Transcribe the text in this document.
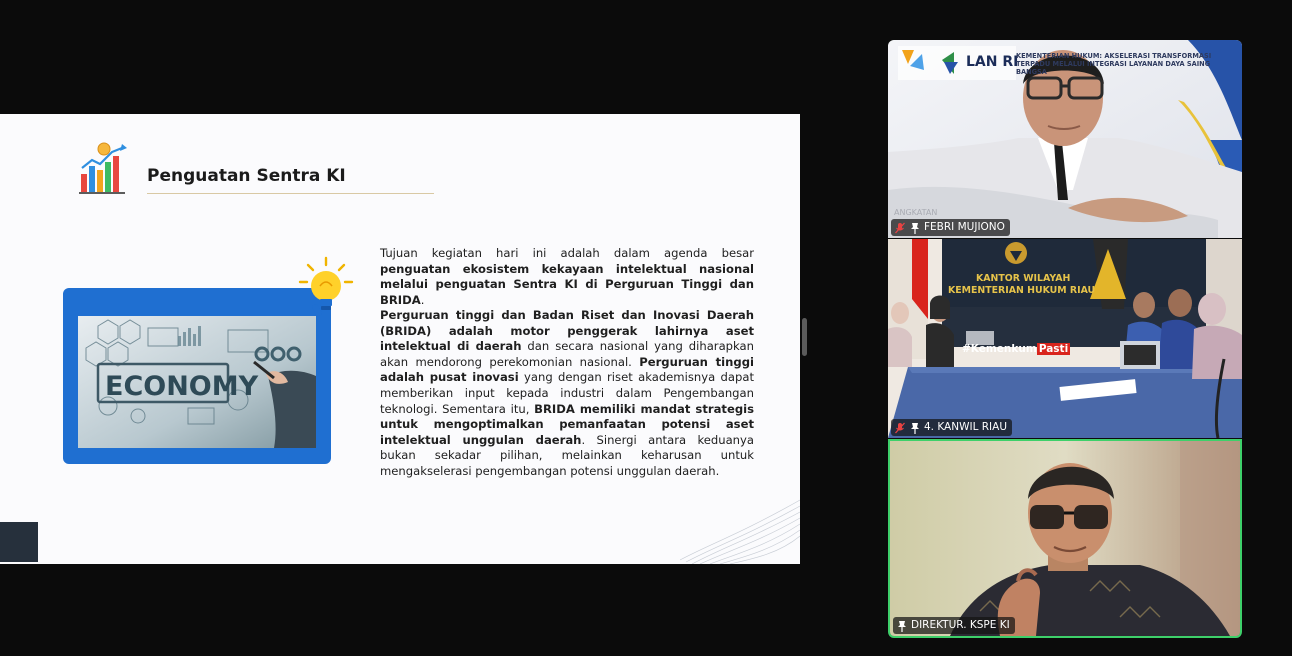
Penguatan Sentra KI
ECONOMY

Tujuan kegiatan hari ini adalah dalam agenda besar penguatan ekosistem kekayaan intelektual nasional melalui penguatan Sentra KI di Perguruan Tinggi dan BRIDA.

Perguruan tinggi dan Badan Riset dan Inovasi Daerah (BRIDA) adalah motor penggerak lahirnya aset intelektual di daerah dan secara nasional yang diharapkan akan mendorong perekomonian nasional. Perguruan tinggi adalah pusat inovasi yang dengan riset akademisnya dapat memberikan input kepada industri dalam Pengembangan teknologi. Sementara itu, BRIDA memiliki mandat strategis untuk mengoptimalkan pemanfaatan potensi aset intelektual unggulan daerah. Sinergi antara keduanya bukan sekadar pilihan, melainkan keharusan untuk mengakselerasi pengembangan potensi unggulan daerah.

LAN RI
KEMENTERIAN HUKUM: AKSELERASI TRANSFORMASI TERPADU MELALUI INTEGRASI LAYANAN DAYA SAING BANGSA
ANGKATAN
FEBRI MUJIONO
KANTOR WILAYAH
KEMENTERIAN HUKUM RIAU
#Kemenkum Pasti
4. KANWIL RIAU
DIREKTUR. KSPE KI
